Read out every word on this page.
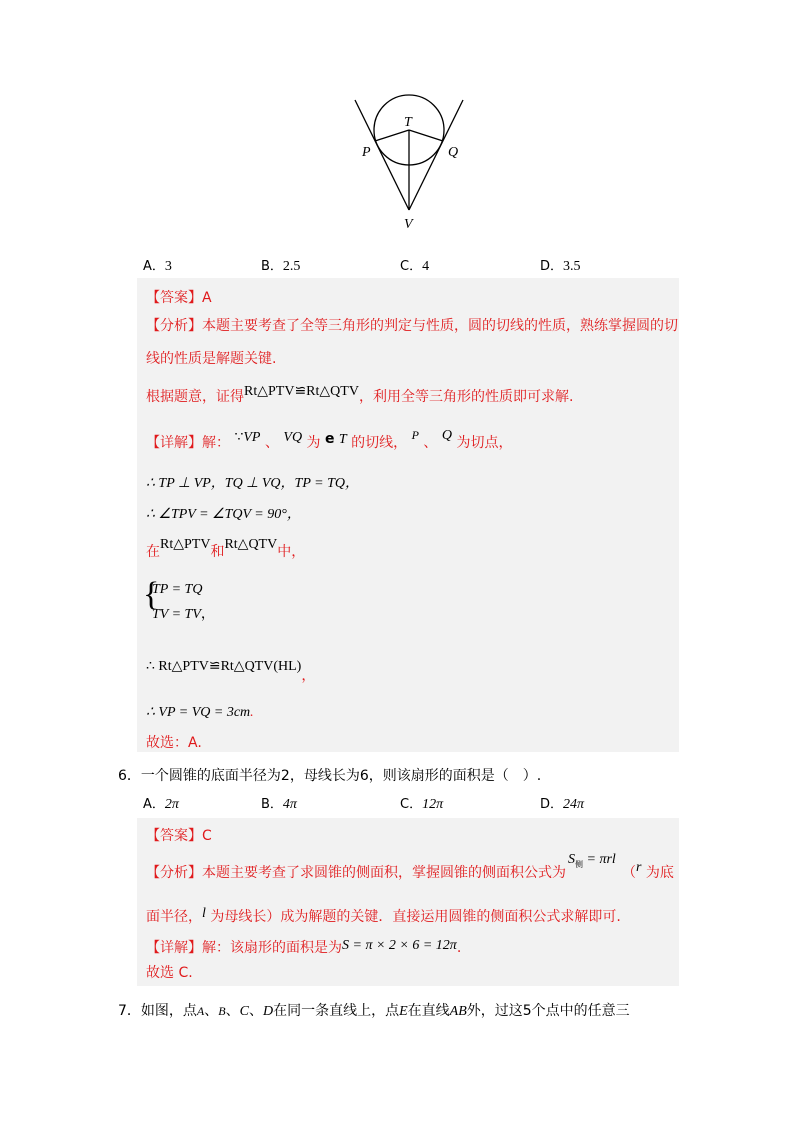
T
P	Q
V
A．3	B．2.5	C．4	D．3.5
【答案】A
【分析】本题主要考查了全等三角形的判定与性质，圆的切线的性质，熟练掌握圆的切
线的性质是解题关键.
根据题意，证得Rt△PTV≌Rt△QTV，利用全等三角形的性质即可求解.
【详解】解： ∵VP 、 VQ 为 e T 的切线， P 、 Q 为切点，
∴ TP ⊥ VP，TQ ⊥ VQ，TP = TQ，
∴ ∠TPV = ∠TQV = 90°，
在Rt△PTV和Rt△QTV中，
{
TP = TQ
TV = TV，
∴ Rt△PTV≌Rt△QTV(HL)，
∴ VP = VQ = 3cm.
故选：A.
6．一个圆锥的底面半径为2，母线长为6，则该扇形的面积是（　）.
A．2π	B．4π	C．12π	D．24π
【答案】C
【分析】本题主要考查了求圆锥的侧面积，掌握圆锥的侧面积公式为
$S_侧 = \pi rl$
（r 为底
面半径，l 为母线长）成为解题的关键．直接运用圆锥的侧面积公式求解即可.
【详解】解：该扇形的面积是为S = π × 2 × 6 = 12π.
故选 C.
7．如图，点A、B、C、D在同一条直线上，点E在直线AB外，过这5个点中的任意三
